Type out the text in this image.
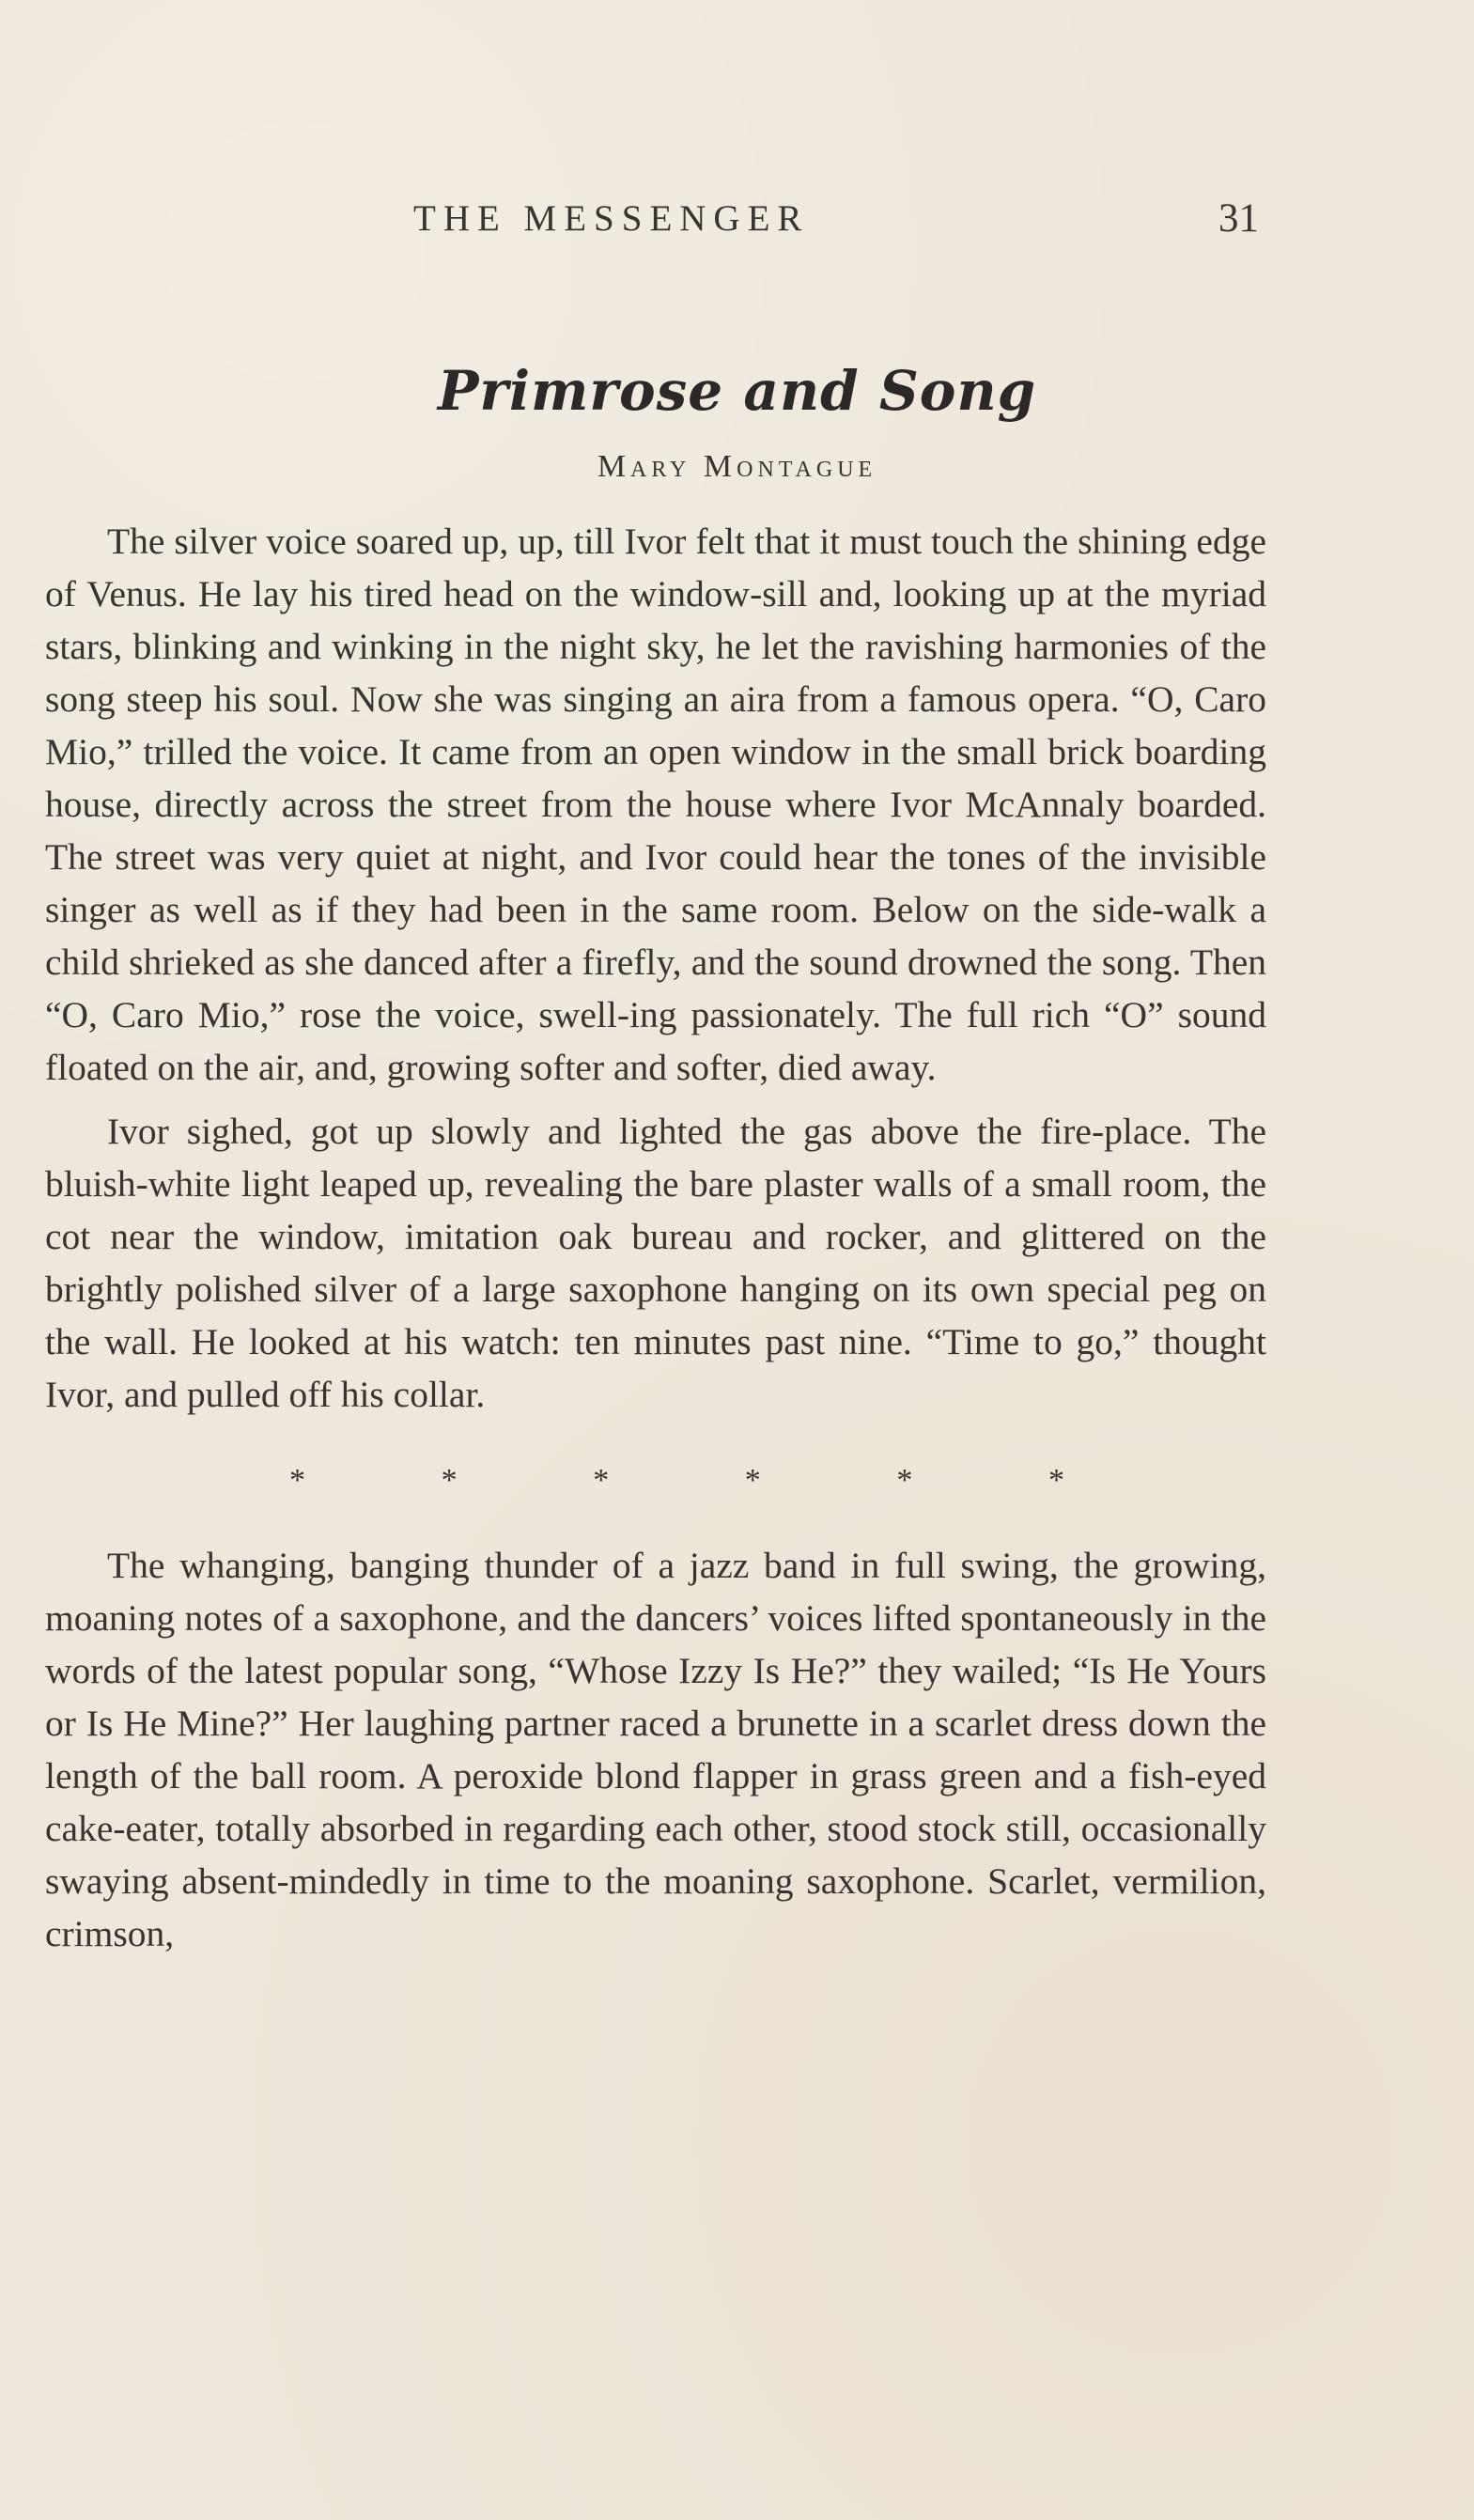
THE MESSENGER	31
Primrose and Song
Mary Montague

The silver voice soared up, up, till Ivor felt that it must touch the shining edge of Venus. He lay his tired head on the window-sill and, looking up at the myriad stars, blinking and winking in the night sky, he let the ravishing harmonies of the song steep his soul. Now she was singing an aira from a famous opera. “O, Caro Mio,” trilled the voice. It came from an open window in the small brick boarding house, directly across the street from the house where Ivor McAnnaly boarded. The street was very quiet at night, and Ivor could hear the tones of the invisible singer as well as if they had been in the same room. Below on the side-walk a child shrieked as she danced after a firefly, and the sound drowned the song. Then “O, Caro Mio,” rose the voice, swell-ing passionately. The full rich “O” sound floated on the air, and, growing softer and softer, died away.

Ivor sighed, got up slowly and lighted the gas above the fire-place. The bluish-white light leaped up, revealing the bare plaster walls of a small room, the cot near the window, imitation oak bureau and rocker, and glittered on the brightly polished silver of a large saxophone hanging on its own special peg on the wall. He looked at his watch: ten minutes past nine. “Time to go,” thought Ivor, and pulled off his collar.

*	*	*	*	*	*

The whanging, banging thunder of a jazz band in full swing, the growing, moaning notes of a saxophone, and the dancers’ voices lifted spontaneously in the words of the latest popular song, “Whose Izzy Is He?” they wailed; “Is He Yours or Is He Mine?” Her laughing partner raced a brunette in a scarlet dress down the length of the ball room. A peroxide blond flapper in grass green and a fish-eyed cake-eater, totally absorbed in regarding each other, stood stock still, occasionally swaying absent-mindedly in time to the moaning saxophone. Scarlet, vermilion, crimson,
